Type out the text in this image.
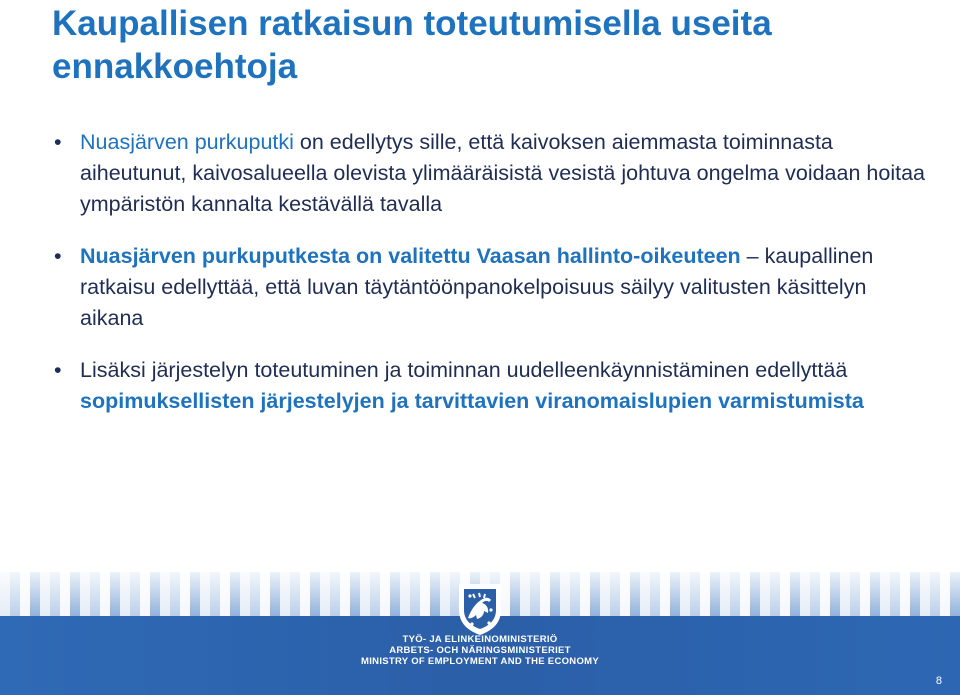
Kaupallisen ratkaisun toteutumisella useita ennakkoehtoja
• Nuasjärven purkuputki on edellytys sille, että kaivoksen aiemmasta toiminnasta aiheutunut, kaivosalueella olevista ylimääräisistä vesistä johtuva ongelma voidaan hoitaa ympäristön kannalta kestävällä tavalla
• Nuasjärven purkuputkesta on valitettu Vaasan hallinto-oikeuteen – kaupallinen ratkaisu edellyttää, että luvan täytäntöönpanokelpoisuus säilyy valitusten käsittelyn aikana
• Lisäksi järjestelyn toteutuminen ja toiminnan uudelleenkäynnistäminen edellyttää sopimuksellisten järjestelyjen ja tarvittavien viranomaislupien varmistumista
TYÖ- JA ELINKEINOMINISTERIÖ
ARBETS- OCH NÄRINGSMINISTERIET
MINISTRY OF EMPLOYMENT AND THE ECONOMY
8
